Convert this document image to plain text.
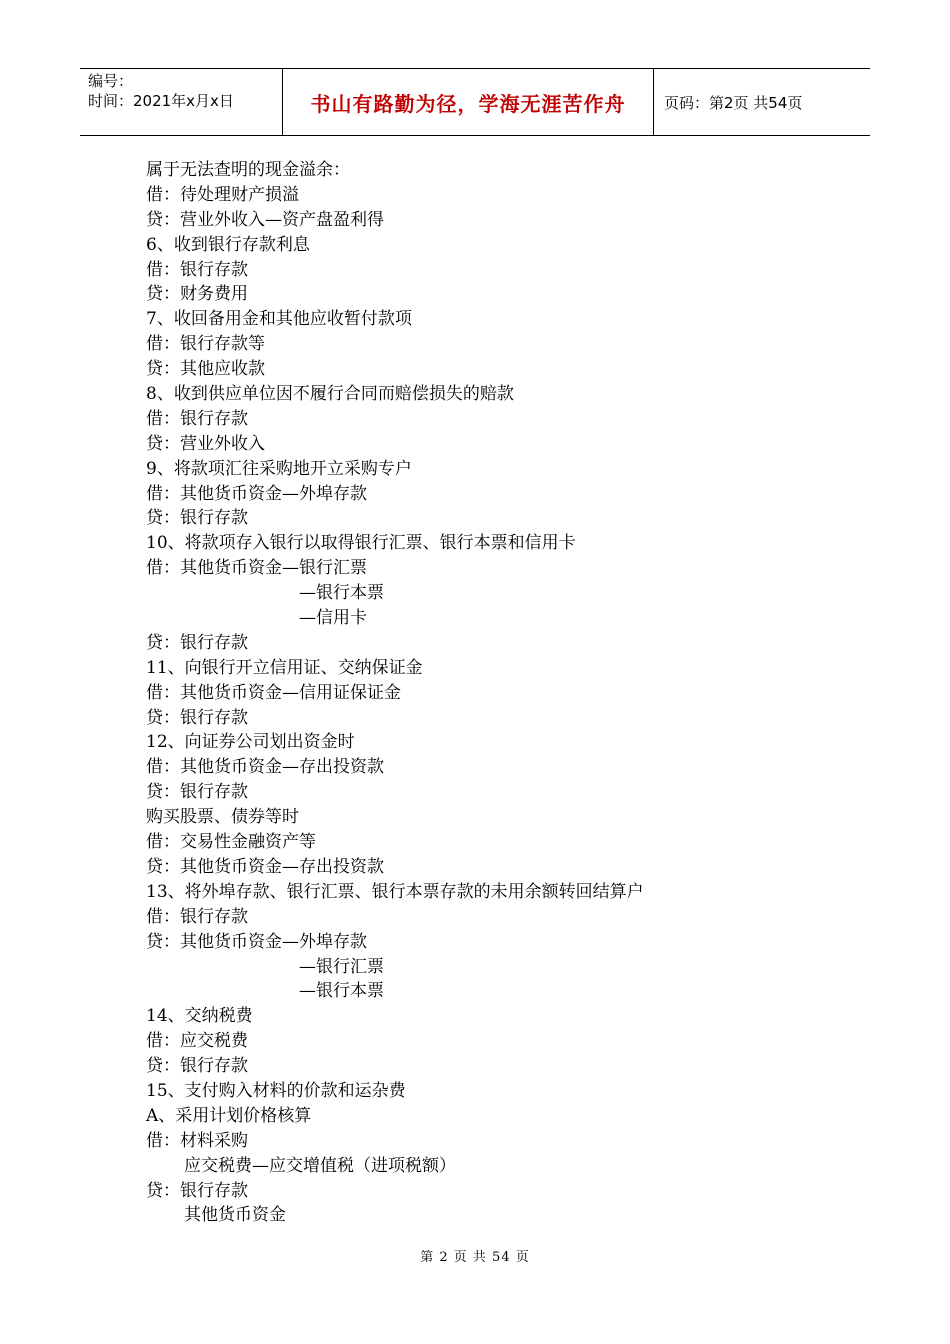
编号：
时间：2021年x月x日	书山有路勤为径，学海无涯苦作舟	页码：第2页 共54页
属于无法查明的现金溢余：
借：待处理财产损溢
贷：营业外收入—资产盘盈利得
6、收到银行存款利息
借：银行存款
贷：财务费用
7、收回备用金和其他应收暂付款项
借：银行存款等
贷：其他应收款
8、收到供应单位因不履行合同而赔偿损失的赔款
借：银行存款
贷：营业外收入
9、将款项汇往采购地开立采购专户
借：其他货币资金—外埠存款
贷：银行存款
10、将款项存入银行以取得银行汇票、银行本票和信用卡
借：其他货币资金—银行汇票
—银行本票
—信用卡
贷：银行存款
11、向银行开立信用证、交纳保证金
借：其他货币资金—信用证保证金
贷：银行存款
12、向证券公司划出资金时
借：其他货币资金—存出投资款
贷：银行存款
购买股票、债券等时
借：交易性金融资产等
贷：其他货币资金—存出投资款
13、将外埠存款、银行汇票、银行本票存款的未用余额转回结算户
借：银行存款
贷：其他货币资金—外埠存款
—银行汇票
—银行本票
14、交纳税费
借：应交税费
贷：银行存款
15、支付购入材料的价款和运杂费
A、采用计划价格核算
借：材料采购
应交税费—应交增值税（进项税额）
贷：银行存款
其他货币资金
第 2 页 共 54 页
